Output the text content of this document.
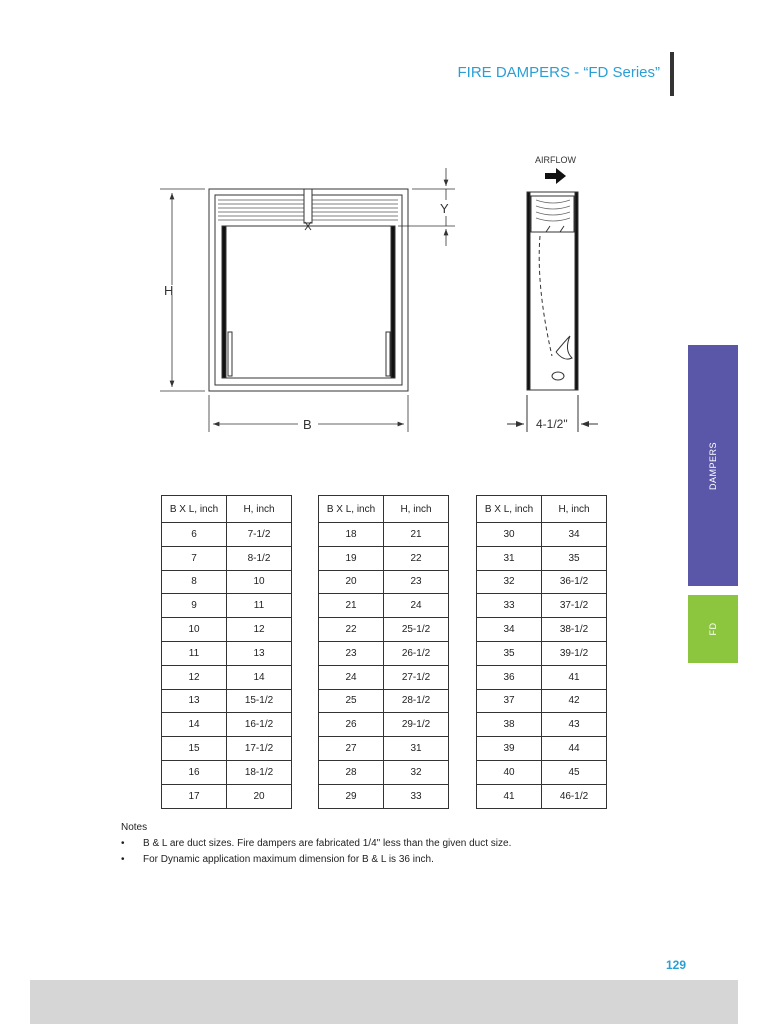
FIRE DAMPERS - “FD Series”
H
B
Y
AIRFLOW
4-1/2"
DAMPERS
FD
B X L, inch	H, inch
6	7-1/2
7	8-1/2
8	10
9	11
10	12
11	13
12	14
13	15-1/2
14	16-1/2
15	17-1/2
16	18-1/2
17	20
B X L, inch	H, inch
18	21
19	22
20	23
21	24
22	25-1/2
23	26-1/2
24	27-1/2
25	28-1/2
26	29-1/2
27	31
28	32
29	33
B X L, inch	H, inch
30	34
31	35
32	36-1/2
33	37-1/2
34	38-1/2
35	39-1/2
36	41
37	42
38	43
39	44
40	45
41	46-1/2
Notes
• B & L are duct sizes. Fire dampers are fabricated 1/4" less than the given duct size.
• For Dynamic application maximum dimension for B & L is 36 inch.
129
